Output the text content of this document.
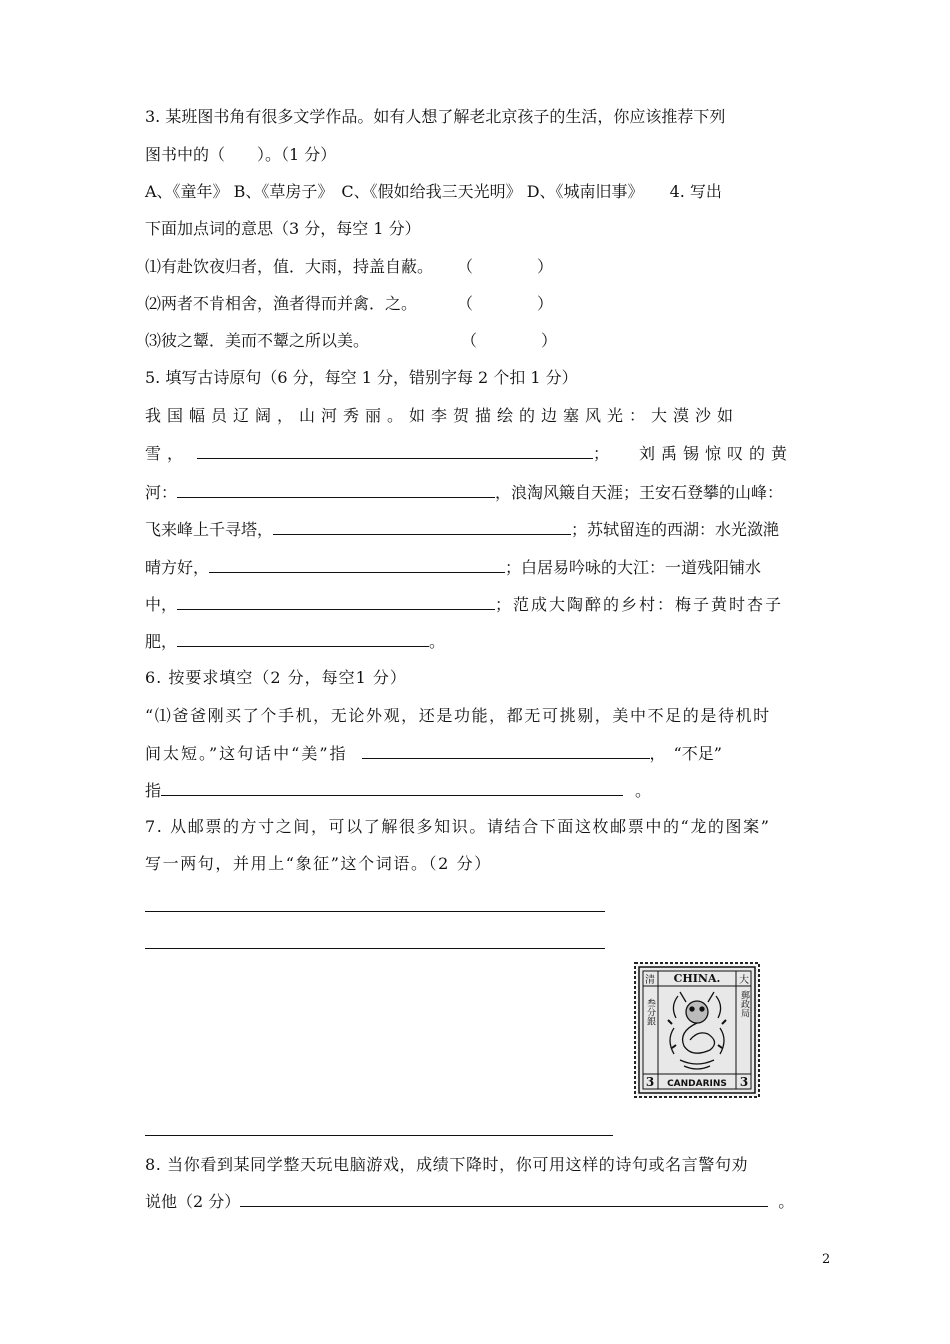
3. 某班图书角有很多文学作品。如有人想了解老北京孩子的生活，你应该推荐下列
图书中的（　　）。（1 分）
A、《童年》 B、《草房子》　C、《假如给我三天光明》 D、《城南旧事》 4. 写出
下面加点词的意思（3 分，每空 1 分）
⑴有赴饮夜归者，值．大雨，持盖自蔽。 （　　　　）
⑵两者不肯相舍，渔者得而并禽．之。	（　　　　）
⑶彼之颦．美而不颦之所以美。	（　　　　）
5. 填写古诗原句（6 分，每空 1 分，错别字每 2 个扣 1 分）
我国幅员辽阔，山河秀丽。如李贺描绘的边塞风光：大漠沙如
雪，	； 刘禹锡惊叹的黄
河：	，浪淘风簸自天涯；王安石登攀的山峰：
飞来峰上千寻塔，	；苏轼留连的西湖：水光潋滟
晴方好，	；白居易吟咏的大江：一道残阳铺水
中，	；范成大陶醉的乡村：梅子黄时杏子
肥，	。
6. 按要求填空（2 分，每空1 分）
“⑴爸爸刚买了个手机，无论外观，还是功能，都无可挑剔，美中不足的是待机时
间太短。”这句话中“美”指	，　“不足”
指	。
7. 从邮票的方寸之间，可以了解很多知识。请结合下面这枚邮票中的“龙的图案”
写一两句，并用上“象征”这个词语。（2 分）
CHINA.
CANDARINS
清	大
3	3
叁分銀	郵政局
8. 当你看到某同学整天玩电脑游戏，成绩下降时，你可用这样的诗句或名言警句劝
说他（2 分）	。
2
